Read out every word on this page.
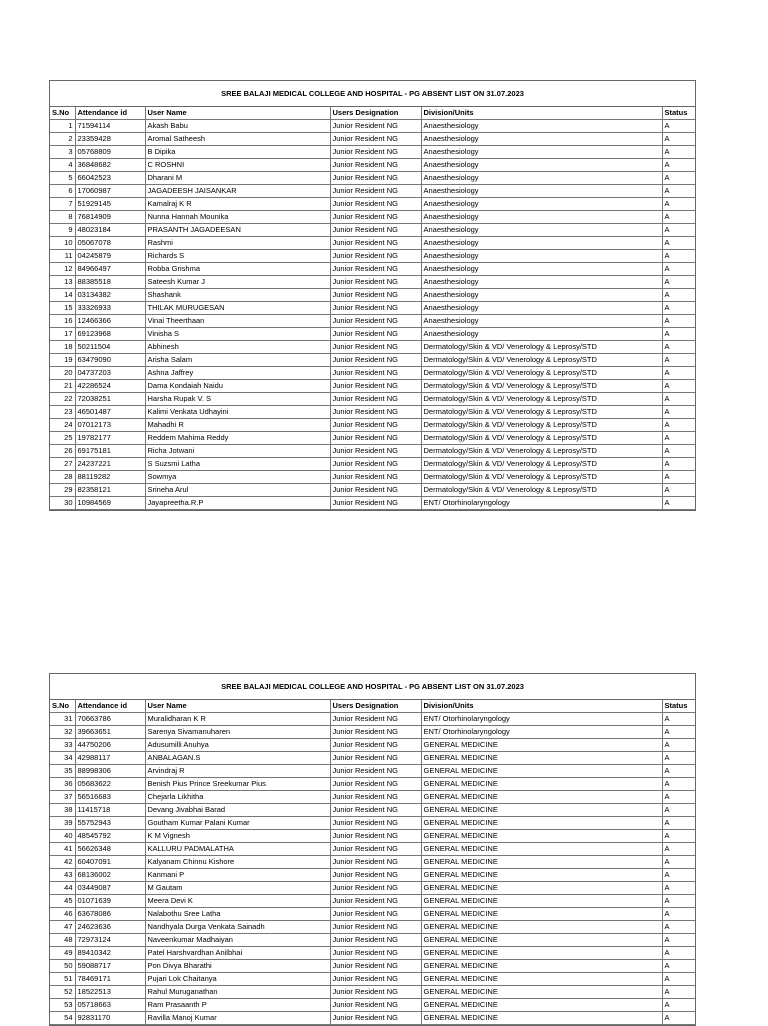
SREE BALAJI MEDICAL COLLEGE AND HOSPITAL - PG ABSENT LIST ON 31.07.2023
S.No	Attendance id	User Name	Users Designation	Division/Units	Status
1	71594114	Akash Babu	Junior Resident NG	Anaesthesiology	A
2	23359428	Aromal Satheesh	Junior Resident NG	Anaesthesiology	A
3	05768809	B Dipika	Junior Resident NG	Anaesthesiology	A
4	36848682	C ROSHNI	Junior Resident NG	Anaesthesiology	A
5	66042523	Dharani M	Junior Resident NG	Anaesthesiology	A
6	17060987	JAGADEESH JAISANKAR	Junior Resident NG	Anaesthesiology	A
7	51929145	Kamalraj K R	Junior Resident NG	Anaesthesiology	A
8	76814909	Nunna Hannah Mounika	Junior Resident NG	Anaesthesiology	A
9	48023184	PRASANTH JAGADEESAN	Junior Resident NG	Anaesthesiology	A
10	05067078	Rashmi	Junior Resident NG	Anaesthesiology	A
11	04245879	Richards S	Junior Resident NG	Anaesthesiology	A
12	84966497	Robba Grishma	Junior Resident NG	Anaesthesiology	A
13	88385518	Sateesh Kumar J	Junior Resident NG	Anaesthesiology	A
14	03134382	Shashank	Junior Resident NG	Anaesthesiology	A
15	33326933	THILAK MURUGESAN	Junior Resident NG	Anaesthesiology	A
16	12466366	Vinai Theerthaan	Junior Resident NG	Anaesthesiology	A
17	69123968	Vinisha S	Junior Resident NG	Anaesthesiology	A
18	50211504	Abhinesh	Junior Resident NG	Dermatology/Skin & VD/ Venerology & Leprosy/STD	A
19	63479090	Arisha Salam	Junior Resident NG	Dermatology/Skin & VD/ Venerology & Leprosy/STD	A
20	04737203	Ashna Jaffrey	Junior Resident NG	Dermatology/Skin & VD/ Venerology & Leprosy/STD	A
21	42286524	Dama Kondaiah Naidu	Junior Resident NG	Dermatology/Skin & VD/ Venerology & Leprosy/STD	A
22	72038251	Harsha Rupak V. S	Junior Resident NG	Dermatology/Skin & VD/ Venerology & Leprosy/STD	A
23	46501487	Kalimi Venkata Udhayini	Junior Resident NG	Dermatology/Skin & VD/ Venerology & Leprosy/STD	A
24	07012173	Mahadhi R	Junior Resident NG	Dermatology/Skin & VD/ Venerology & Leprosy/STD	A
25	19782177	Reddem Mahima Reddy	Junior Resident NG	Dermatology/Skin & VD/ Venerology & Leprosy/STD	A
26	69175181	Richa Jotwani	Junior Resident NG	Dermatology/Skin & VD/ Venerology & Leprosy/STD	A
27	24237221	S Suzsmi Latha	Junior Resident NG	Dermatology/Skin & VD/ Venerology & Leprosy/STD	A
28	88119282	Sowmya	Junior Resident NG	Dermatology/Skin & VD/ Venerology & Leprosy/STD	A
29	82358121	Srineha Arul	Junior Resident NG	Dermatology/Skin & VD/ Venerology & Leprosy/STD	A
30	10984569	Jayapreetha.R.P	Junior Resident NG	ENT/ Otorhinolaryngology	A
SREE BALAJI MEDICAL COLLEGE AND HOSPITAL - PG ABSENT LIST ON 31.07.2023
S.No	Attendance id	User Name	Users Designation	Division/Units	Status
31	70663786	Muralidharan K R	Junior Resident NG	ENT/ Otorhinolaryngology	A
32	39663651	Sarenya Sivamanuharen	Junior Resident NG	ENT/ Otorhinolaryngology	A
33	44750206	Adusumilli Anuhya	Junior Resident NG	GENERAL MEDICINE	A
34	42988117	ANBALAGAN.S	Junior Resident NG	GENERAL MEDICINE	A
35	88998306	Arvindraj R	Junior Resident NG	GENERAL MEDICINE	A
36	05683622	Benish Pius Prince Sreekumar Pius	Junior Resident NG	GENERAL MEDICINE	A
37	56516683	Chejarla Likhitha	Junior Resident NG	GENERAL MEDICINE	A
38	11415718	Devang Jivabhai Barad	Junior Resident NG	GENERAL MEDICINE	A
39	55752943	Goutham Kumar Palani Kumar	Junior Resident NG	GENERAL MEDICINE	A
40	48545792	K M Vignesh	Junior Resident NG	GENERAL MEDICINE	A
41	56626348	KALLURU PADMALATHA	Junior Resident NG	GENERAL MEDICINE	A
42	60407091	Kalyanam Chinnu Kishore	Junior Resident NG	GENERAL MEDICINE	A
43	68136002	Kanmani P	Junior Resident NG	GENERAL MEDICINE	A
44	03449087	M Gautam	Junior Resident NG	GENERAL MEDICINE	A
45	01071639	Meera Devi K	Junior Resident NG	GENERAL MEDICINE	A
46	63678086	Nalabothu Sree Latha	Junior Resident NG	GENERAL MEDICINE	A
47	24623636	Nandhyala Durga Venkata Sainadh	Junior Resident NG	GENERAL MEDICINE	A
48	72973124	Naveenkumar Madhaiyan	Junior Resident NG	GENERAL MEDICINE	A
49	89410342	Patel Harshvardhan Anilbhai	Junior Resident NG	GENERAL MEDICINE	A
50	59088717	Pon Divya Bharathi	Junior Resident NG	GENERAL MEDICINE	A
51	78469171	Pujari Lok Chaitanya	Junior Resident NG	GENERAL MEDICINE	A
52	18522513	Rahul Muruganathan	Junior Resident NG	GENERAL MEDICINE	A
53	05718663	Ram Prasaanth P	Junior Resident NG	GENERAL MEDICINE	A
54	92831170	Ravilla Manoj Kumar	Junior Resident NG	GENERAL MEDICINE	A
